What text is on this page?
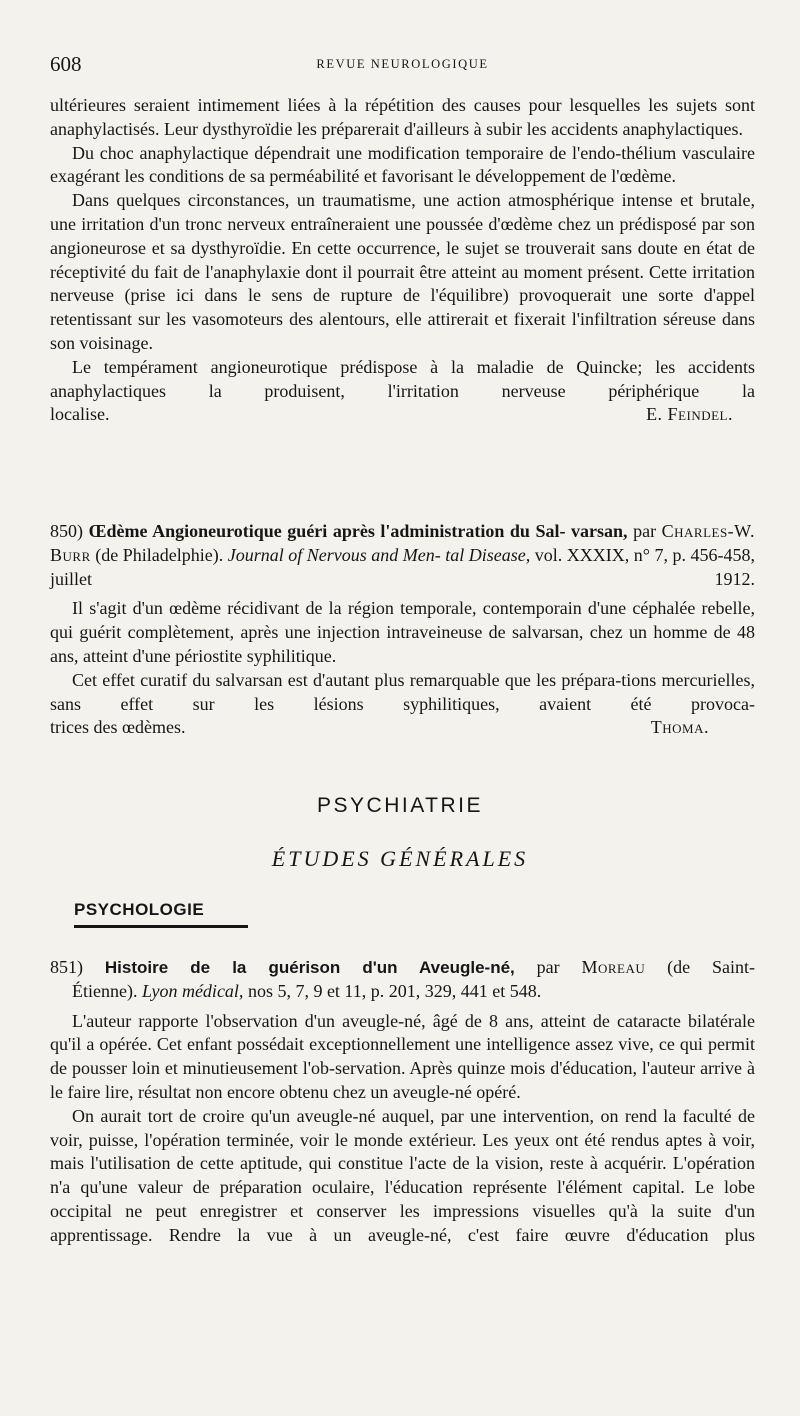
608	REVUE NEUROLOGIQUE

ultérieures seraient intimement liées à la répétition des causes pour lesquelles les sujets sont anaphylactisés. Leur dysthyroïdie les préparerait d'ailleurs à subir les accidents anaphylactiques.

Du choc anaphylactique dépendrait une modification temporaire de l'endo-thélium vasculaire exagérant les conditions de sa perméabilité et favorisant le développement de l'œdème.

Dans quelques circonstances, un traumatisme, une action atmosphérique intense et brutale, une irritation d'un tronc nerveux entraîneraient une poussée d'œdème chez un prédisposé par son angioneurose et sa dysthyroïdie. En cette occurrence, le sujet se trouverait sans doute en état de réceptivité du fait de l'anaphylaxie dont il pourrait être atteint au moment présent. Cette irritation nerveuse (prise ici dans le sens de rupture de l'équilibre) provoquerait une sorte d'appel retentissant sur les vasomoteurs des alentours, elle attirerait et fixerait l'infiltration séreuse dans son voisinage.

Le tempérament angioneurotique prédispose à la maladie de Quincke; les accidents anaphylactiques la produisent, l'irritation nerveuse périphérique la

localise.	E. Feindel.

850) Œdème Angioneurotique guéri après l'administration du Sal- varsan, par Charles-W. Burr (de Philadelphie). Journal of Nervous and Men- tal Disease, vol. XXXIX, n° 7, p. 456-458, juillet 1912.

Il s'agit d'un œdème récidivant de la région temporale, contemporain d'une céphalée rebelle, qui guérit complètement, après une injection intraveineuse de salvarsan, chez un homme de 48 ans, atteint d'une périostite syphilitique.

Cet effet curatif du salvarsan est d'autant plus remarquable que les prépara-tions mercurielles, sans effet sur les lésions syphilitiques, avaient été provoca-

trices des œdèmes.	Thoma.
PSYCHIATRIE
ÉTUDES GÉNÉRALES
PSYCHOLOGIE

851) Histoire de la guérison d'un Aveugle-né, par Moreau (de Saint-

Étienne). Lyon médical, nos 5, 7, 9 et 11, p. 201, 329, 441 et 548.

L'auteur rapporte l'observation d'un aveugle-né, âgé de 8 ans, atteint de cataracte bilatérale qu'il a opérée. Cet enfant possédait exceptionnellement une intelligence assez vive, ce qui permit de pousser loin et minutieusement l'ob-servation. Après quinze mois d'éducation, l'auteur arrive à le faire lire, résultat non encore obtenu chez un aveugle-né opéré.

On aurait tort de croire qu'un aveugle-né auquel, par une intervention, on rend la faculté de voir, puisse, l'opération terminée, voir le monde extérieur. Les yeux ont été rendus aptes à voir, mais l'utilisation de cette aptitude, qui constitue l'acte de la vision, reste à acquérir. L'opération n'a qu'une valeur de préparation oculaire, l'éducation représente l'élément capital. Le lobe occipital ne peut enregistrer et conserver les impressions visuelles qu'à la suite d'un apprentissage. Rendre la vue à un aveugle-né, c'est faire œuvre d'éducation plus
